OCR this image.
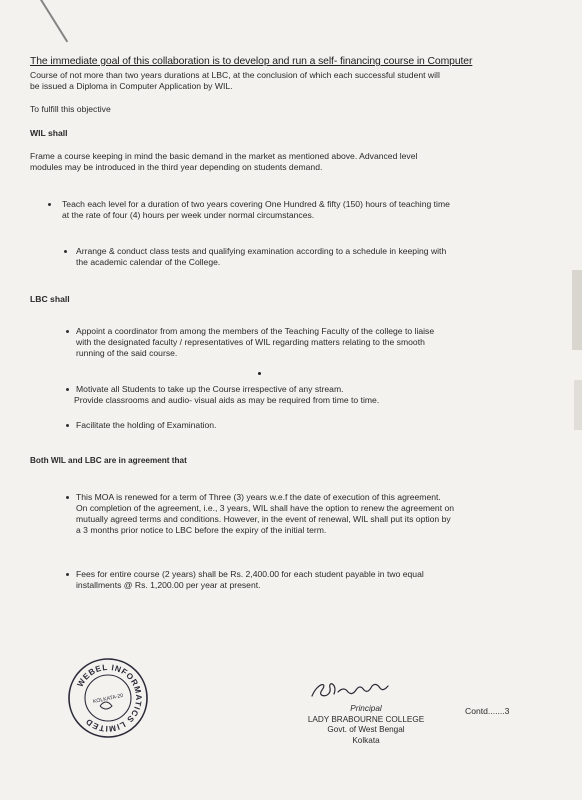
The immediate goal of this collaboration is to develop and run a self- financing course in Computer
Course of not more than two years durations at LBC, at the conclusion of which each successful student will
be issued a Diploma in Computer Application by WIL.
To fulfill this objective
WIL shall
Frame a course keeping in mind the basic demand in the market as mentioned above. Advanced level
modules may be introduced in the third year depending on students demand.
Teach each level for a duration of two years covering One Hundred & fifty (150) hours of teaching time
at the rate of four (4) hours per week under normal circumstances.
Arrange & conduct class tests and qualifying examination according to a schedule in keeping with
the academic calendar of the College.
LBC shall
Appoint a coordinator from among the members of the Teaching Faculty of the college to liaise
with the designated faculty / representatives of WIL regarding matters relating to the smooth
running of the said course.
Motivate all Students to take up the Course irrespective of any stream.
Provide classrooms and audio- visual aids as may be required from time to time.
Facilitate the holding of Examination.
Both WIL and LBC are in agreement that
This MOA is renewed for a term of Three (3) years w.e.f the date of execution of this agreement.
On completion of the agreement, i.e., 3 years, WIL shall have the option to renew the agreement on
mutually agreed terms and conditions. However, in the event of renewal, WIL shall put its option by
a 3 months prior notice to LBC before the expiry of the initial term.
Fees for entire course (2 years) shall be Rs. 2,400.00 for each student payable in two equal
installments @ Rs. 1,200.00 per year at present.
WEBEL INFORMATICS LIMITED
KOLKATA-20
Principal
LADY BRABOURNE COLLEGE
Govt. of West Bengal
Kolkata
Contd.......3
